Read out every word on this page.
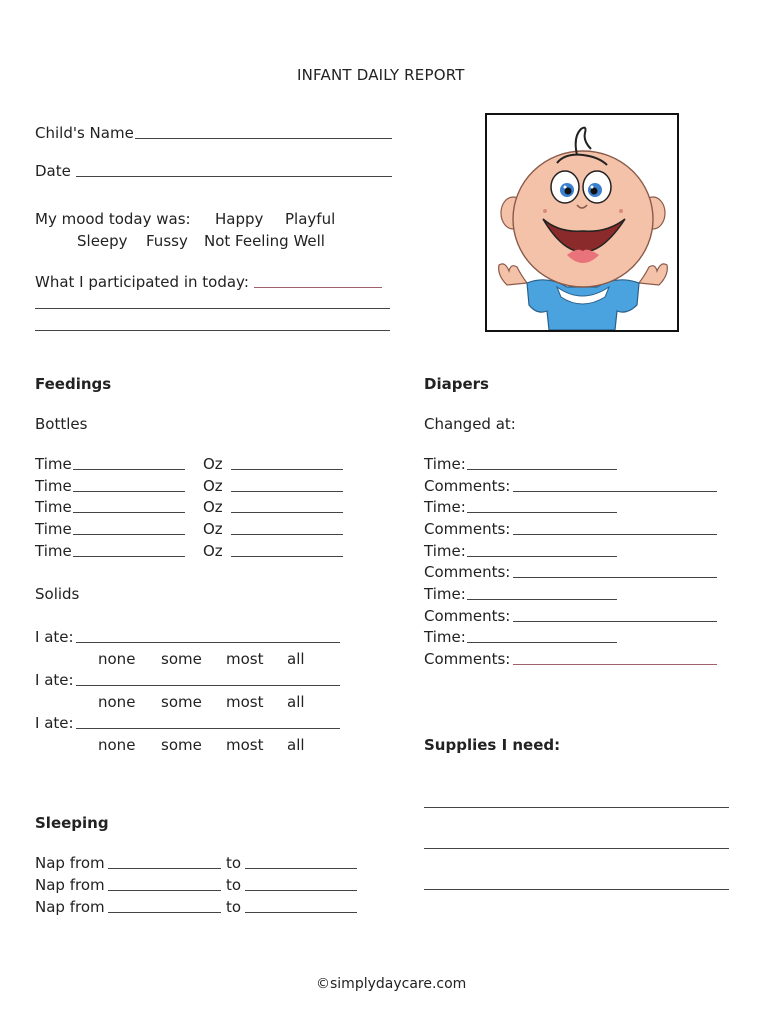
INFANT DAILY REPORT
Child's Name
Date
My mood today was: Happy Playful
Sleepy Fussy Not Feeling Well
What I participated in today:
Feedings
Bottles
Time	Oz
Time	Oz
Time	Oz
Time	Oz
Time	Oz
Solids
I ate:
none some most all
I ate:
none some most all
I ate:
none some most all
Sleeping
Nap from	to
Nap from	to
Nap from	to
Diapers
Changed at:
Time:
Comments:
Time:
Comments:
Time:
Comments:
Time:
Comments:
Time:
Comments:
Supplies I need:
©simplydaycare.com
